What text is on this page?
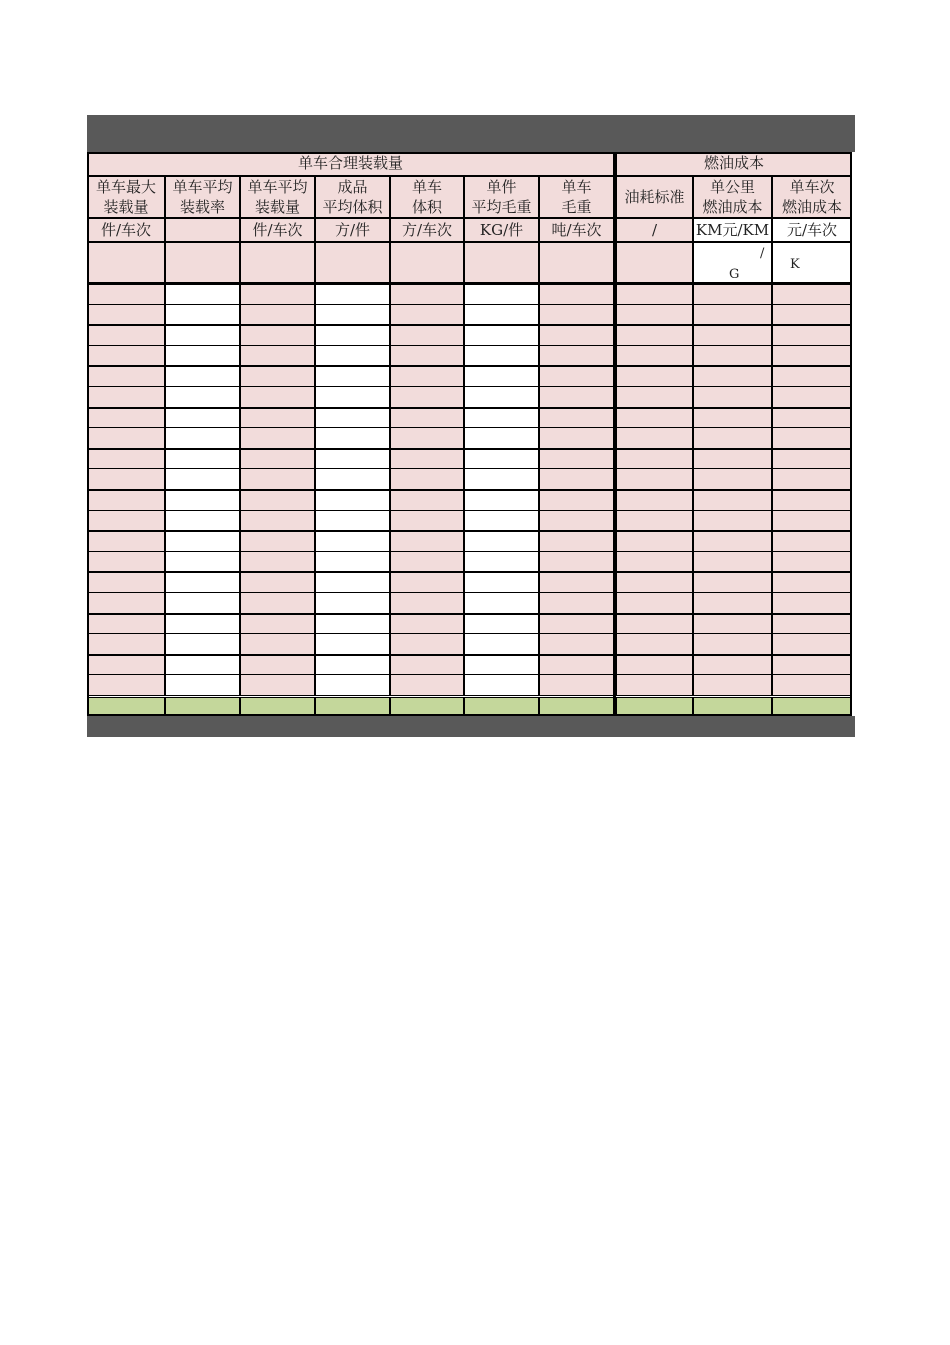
单车合理装载量	燃油成本
单车最大
装载量
件/车次
单车平均
装载率
单车平均
装载量
件/车次
成品
平均体积
方/件
单车
体积
方/车次
单件
平均毛重
KG/件
单车
毛重
吨/车次
油耗标准
/
单公里
燃油成本
KM元/KM
单车次
燃油成本
元/车次
/
G
K
